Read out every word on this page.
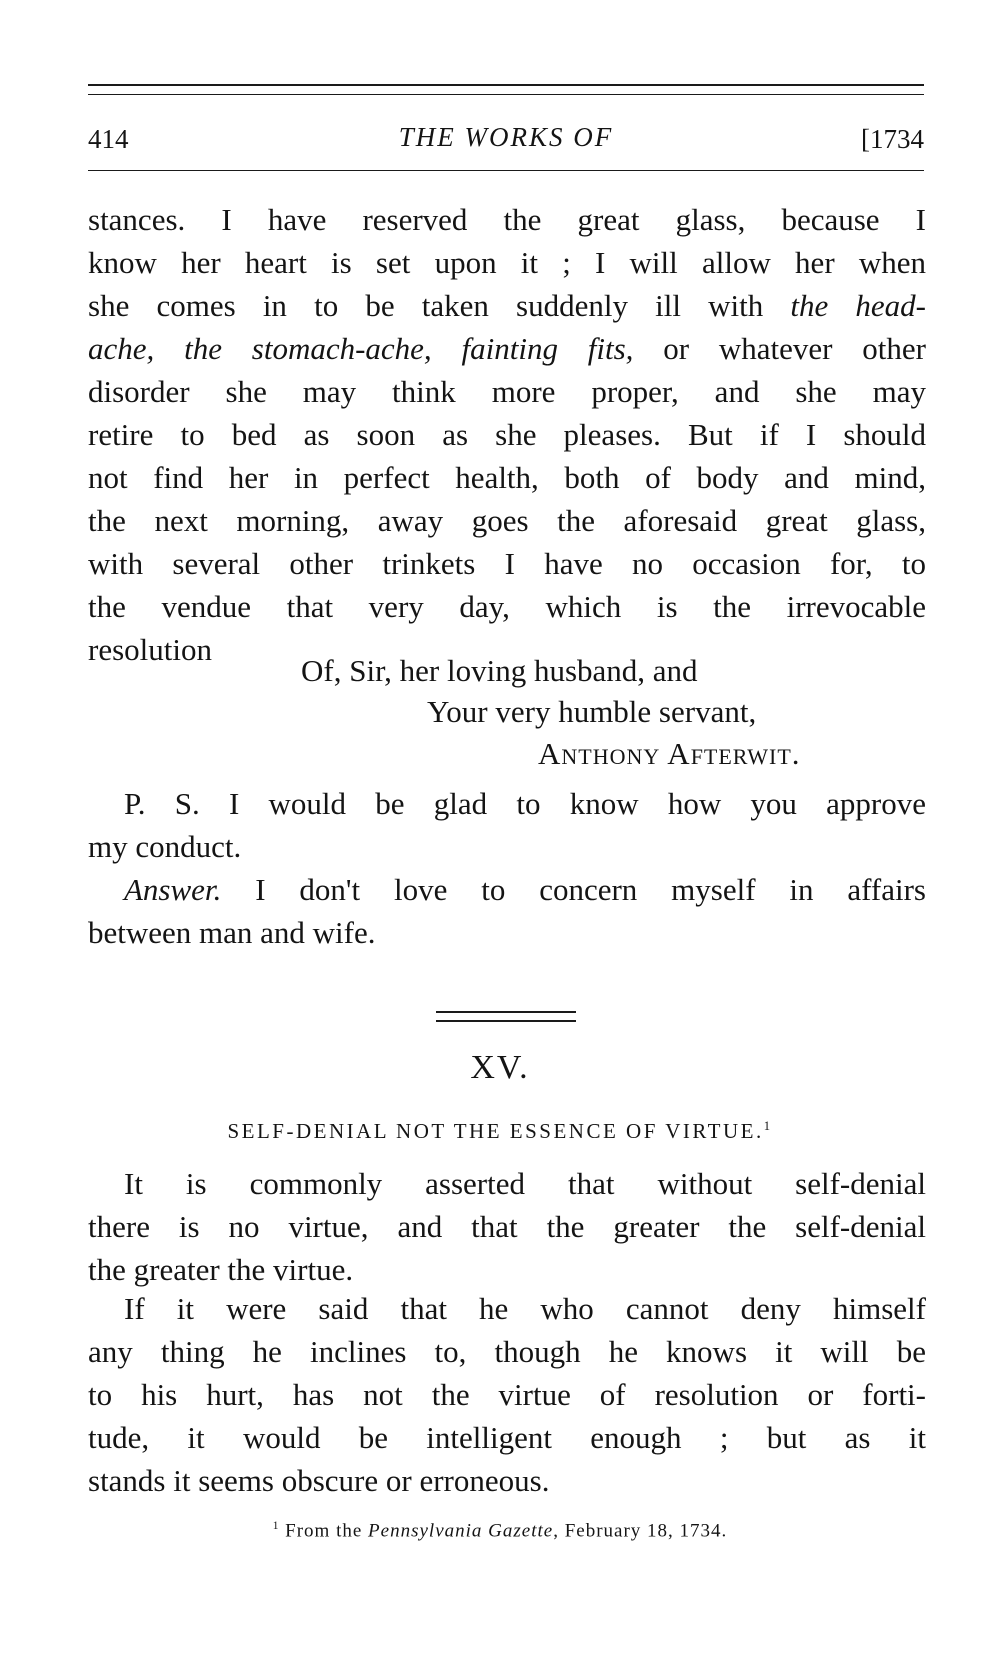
414	THE WORKS OF	[1734
stances. I have reserved the great glass, because I
know her heart is set upon it ; I will allow her when
she comes in to be taken suddenly ill with the head-
ache, the stomach-ache, fainting fits, or whatever other
disorder she may think more proper, and she may
retire to bed as soon as she pleases. But if I should
not find her in perfect health, both of body and mind,
the next morning, away goes the aforesaid great glass,
with several other trinkets I have no occasion for, to
the vendue that very day, which is the irrevocable
resolution
Of, Sir, her loving husband, and
Your very humble servant,
Anthony Afterwit.
P. S. I would be glad to know how you approve
my conduct.
Answer. I don't love to concern myself in affairs
between man and wife.
XV.
SELF-DENIAL NOT THE ESSENCE OF VIRTUE.$^1$
It is commonly asserted that without self-denial
there is no virtue, and that the greater the self-denial
the greater the virtue.
If it were said that he who cannot deny himself
any thing he inclines to, though he knows it will be
to his hurt, has not the virtue of resolution or forti-
tude, it would be intelligent enough ; but as it
stands it seems obscure or erroneous.
$^1$ From the Pennsylvania Gazette, February 18, 1734.
